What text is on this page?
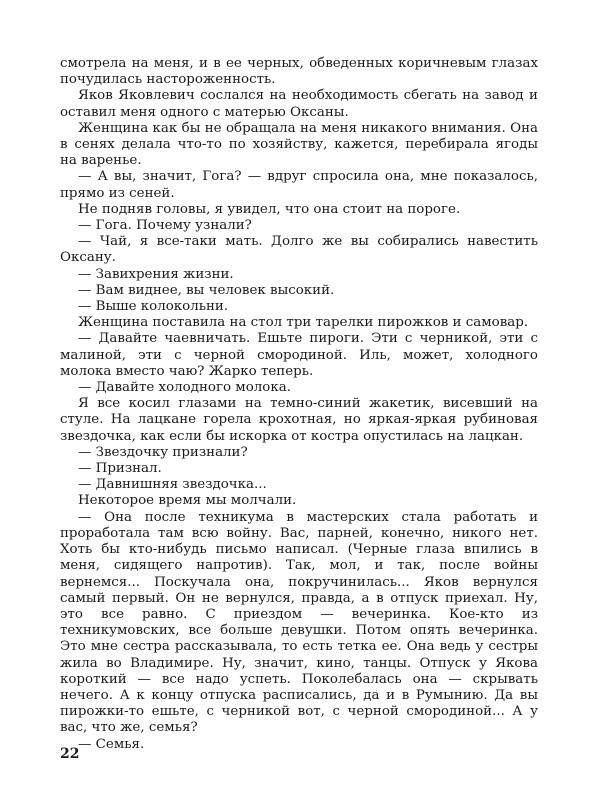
смотрела на меня, и в ее черных, обведенных коричневым глазах почудилась настороженность.

Яков Яковлевич сослался на необходимость сбегать на завод и оставил меня одного с матерью Оксаны.

Женщина как бы не обращала на меня никакого внимания. Она в сенях делала что-то по хозяйству, кажется, перебирала ягоды на варенье.

— А вы, значит, Гога? — вдруг спросила она, мне показалось, прямо из сеней.

Не подняв головы, я увидел, что она стоит на пороге.

— Гога. Почему узнали?

— Чай, я все-таки мать. Долго же вы собирались навестить Оксану.

— Завихрения жизни.

— Вам виднее, вы человек высокий.

— Выше колокольни.

Женщина поставила на стол три тарелки пирожков и самовар.

— Давайте чаевничать. Ешьте пироги. Эти с черникой, эти с малиной, эти с черной смородиной. Иль, может, холодного молока вместо чаю? Жарко теперь.

— Давайте холодного молока.

Я все косил глазами на темно-синий жакетик, висевший на стуле. На лацкане горела крохотная, но яркая-яркая рубиновая звездочка, как если бы искорка от костра опустилась на лацкан.

— Звездочку признали?

— Признал.

— Давнишняя звездочка...

Некоторое время мы молчали.

— Она после техникума в мастерских стала работать и проработала там всю войну. Вас, парней, конечно, никого нет. Хоть бы кто-нибудь письмо написал. (Черные глаза впились в меня, сидящего напротив). Так, мол, и так, после войны вернемся... Поскучала она, покручинилась... Яков вернулся самый первый. Он не вернулся, правда, а в отпуск приехал. Ну, это все равно. С приездом — вечеринка. Кое-кто из техникумовских, все больше девушки. Потом опять вечеринка. Это мне сестра рассказывала, то есть тетка ее. Она ведь у сестры жила во Владимире. Ну, значит, кино, танцы. Отпуск у Якова короткий — все надо успеть. Поколебалась она — скрывать нечего. А к концу отпуска расписались, да и в Румынию. Да вы пирожки-то ешьте, с черникой вот, с черной смородиной... А у вас, что же, семья?

— Семья.

22
